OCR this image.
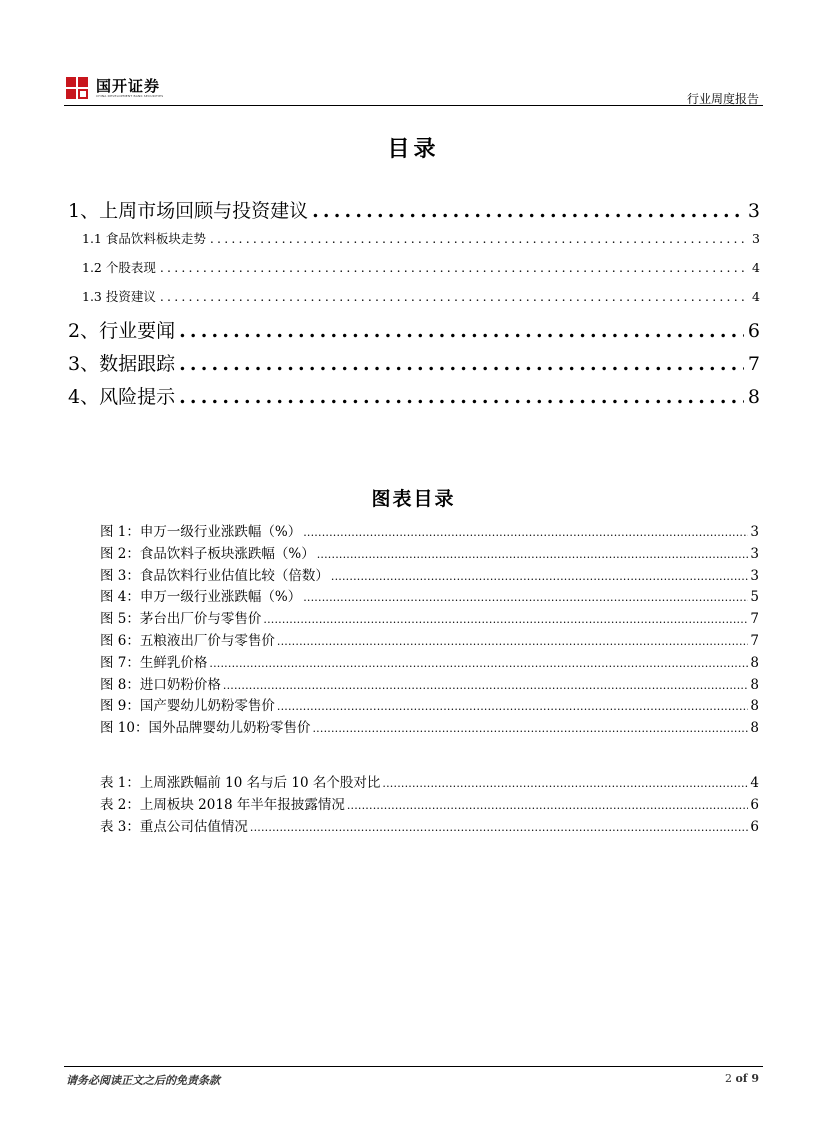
国开证券
CHINA DEVELOPMENT BANK SECURITIES	行业周度报告
目录
1、上周市场回顾与投资建议 .....	3
1.1 食品饮料板块走势 .....	3
1.2 个股表现 .....	4
1.3 投资建议 .....	4
2、行业要闻 .....	6
3、数据跟踪 .....	7
4、风险提示 .....	8
图表目录
图 1：申万一级行业涨跌幅（%） .....	3
图 2：食品饮料子板块涨跌幅（%） .....	3
图 3：食品饮料行业估值比较（倍数） .....	3
图 4：申万一级行业涨跌幅（%） .....	5
图 5：茅台出厂价与零售价 .....	7
图 6：五粮液出厂价与零售价 .....	7
图 7：生鲜乳价格 .....	8
图 8：进口奶粉价格 .....	8
图 9：国产婴幼儿奶粉零售价 .....	8
图 10：国外品牌婴幼儿奶粉零售价 .....	8
表 1：上周涨跌幅前 10 名与后 10 名个股对比 .....	4
表 2：上周板块 2018 年半年报披露情况 .....	6
表 3：重点公司估值情况 .....	6
请务必阅读正文之后的免责条款	2 of 9
